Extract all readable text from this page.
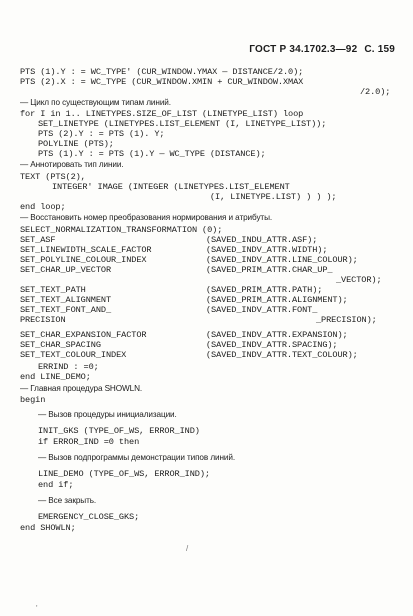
ГОСТ Р 34.1702.3—92 С. 159
PTS (1).Y : = WC_TYPE' (CUR_WINDOW.YMAX — DISTANCE/2.0);
PTS (2).X : = WC_TYPE (CUR_WINDOW.XMIN + CUR_WINDOW.XMAX
/2.0);
— Цикл по существующим типам линий.
for I in 1.. LINETYPES.SIZE_OF_LIST (LINETYPE_LIST) loop
SET_LINETYPE (LINETYPES.LIST_ELEMENT (I, LINETYPE_LIST));
PTS (2).Y : = PTS (1). Y;
POLYLINE (PTS);
PTS (1).Y : = PTS (1).Y — WC_TYPE (DISTANCE);
— Аннотировать тип линии.
TEXT (PTS(2),
INTEGER' IMAGE (INTEGER (LINETYPES.LIST_ELEMENT
(I, LINETYPE.LIST) ) ) );
end loop;
— Восстановить номер преобразования нормирования и атрибуты.
SELECT_NORMALIZATION_TRANSFORMATION (0);
SET_ASF	(SAVED_INDU_ATTR.ASF);
SET_LINEWIDTH_SCALE_FACTOR	(SAVED_INDV_ATTR.WIDTH);
SET_POLYLINE_COLOUR_INDEX	(SAVED_INDV_ATTR.LINE_COLOUR);
SET_CHAR_UP_VECTOR	(SAVED_PRIM_ATTR.CHAR_UP_
_VECTOR);
SET_TEXT_PATH	(SAVED_PRIM_ATTR.PATH);
SET_TEXT_ALIGNMENT	(SAVED_PRIM_ATTR.ALIGNMENT);
SET_TEXT_FONT_AND_	(SAVED_INDV_ATTR.FONT_
PRECISION	_PRECISION);
SET_CHAR_EXPANSION_FACTOR	(SAVED_INDV_ATTR.EXPANSION);
SET_CHAR_SPACING	(SAVED_INDV_ATTR.SPACING);
SET_TEXT_COLOUR_INDEX	(SAVED_INDV_ATTR.TEXT_COLOUR);
ERRIND : =0;
end LINE_DEMO;
— Главная процедура SHOWLN.
begin
— Вызов процедуры инициализации.
INIT_GKS (TYPE_OF_WS, ERROR_IND)
if ERROR_IND =0 then
— Вызов подпрограммы демонстрации типов линий.
LINE_DEMO (TYPE_OF_WS, ERROR_IND);
end if;
— Все закрыть.
EMERGENCY_CLOSE_GKS;
end SHOWLN;
/
'
